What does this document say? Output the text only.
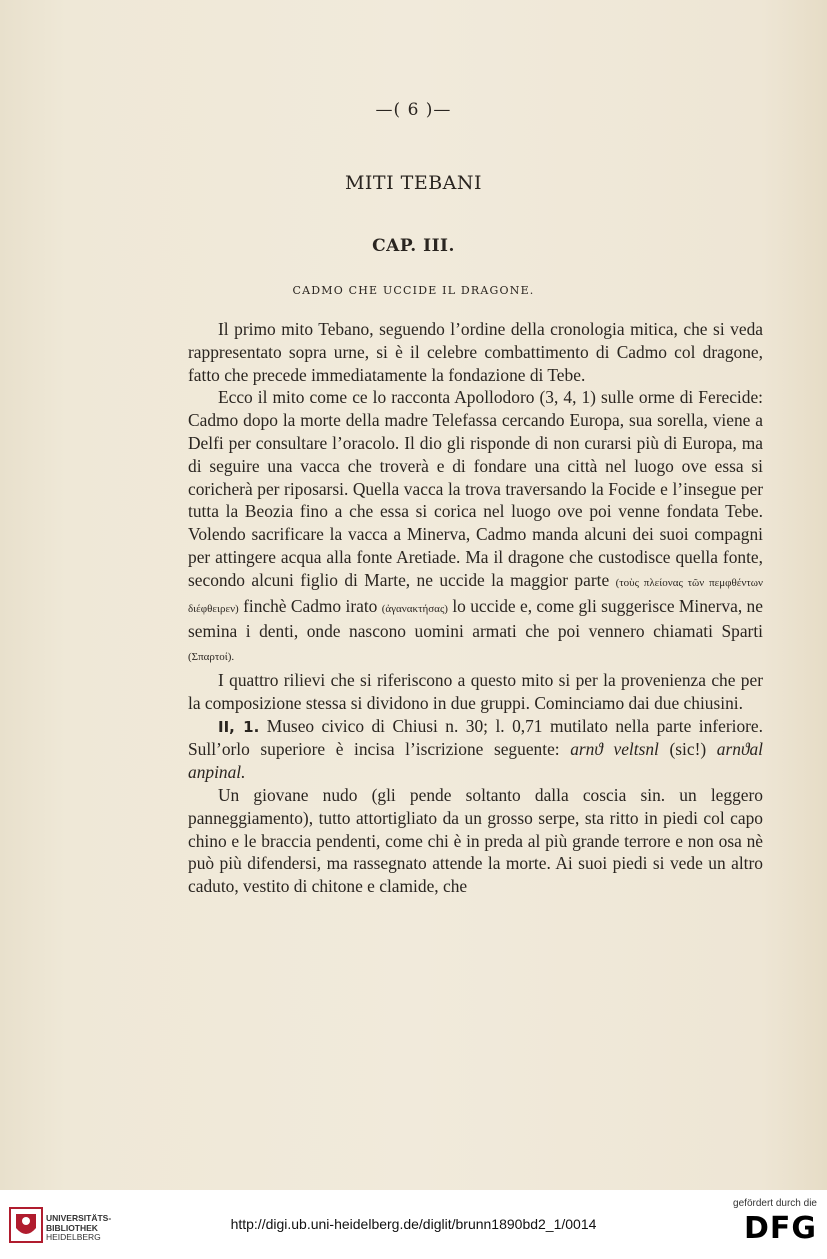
—( 6 )—
MITI TEBANI
CAP. III.
CADMO CHE UCCIDE IL DRAGONE.

Il primo mito Tebano, seguendo l’ordine della cronologia mitica, che si veda rappresentato sopra urne, si è il celebre combattimento di Cadmo col dragone, fatto che precede immediatamente la fondazione di Tebe.

Ecco il mito come ce lo racconta Apollodoro (3, 4, 1) sulle orme di Ferecide: Cadmo dopo la morte della madre Telefassa cercando Europa, sua sorella, viene a Delfi per consultare l’oracolo. Il dio gli risponde di non curarsi più di Europa, ma di seguire una vacca che troverà e di fondare una città nel luogo ove essa si coricherà per riposarsi. Quella vacca la trova traversando la Focide e l’insegue per tutta la Beozia fino a che essa si corica nel luogo ove poi venne fondata Tebe. Volendo sacrificare la vacca a Minerva, Cadmo manda alcuni dei suoi compagni per attingere acqua alla fonte Aretiade. Ma il dragone che custodisce quella fonte, secondo alcuni figlio di Marte, ne uccide la maggior parte (τοὺς πλείονας τῶν πεμφθέντων διέφθειρεν) finchè Cadmo irato (ἀγανακτήσας) lo uccide e, come gli suggerisce Minerva, ne semina i denti, onde nascono uomini armati che poi vennero chiamati Sparti (Σπαρτοί).

I quattro rilievi che si riferiscono a questo mito si per la provenienza che per la composizione stessa si dividono in due gruppi. Cominciamo dai due chiusini.

II, 1. Museo civico di Chiusi n. 30; l. 0,71 mutilato nella parte inferiore. Sull’orlo superiore è incisa l’iscrizione seguente: arnϑ veltsnl (sic!) arnϑal anpinal.

Un giovane nudo (gli pende soltanto dalla coscia sin. un leggero panneggiamento), tutto attortigliato da un grosso serpe, sta ritto in piedi col capo chino e le braccia pendenti, come chi è in preda al più grande terrore e non osa nè può più difendersi, ma rassegnato attende la morte. Ai suoi piedi si vede un altro caduto, vestito di chitone e clamide, che

UNIVERSITÄTS-
BIBLIOTHEK
HEIDELBERG
http://digi.ub.uni-heidelberg.de/diglit/brunn1890bd2_1/0014
gefördert durch die
DFG
